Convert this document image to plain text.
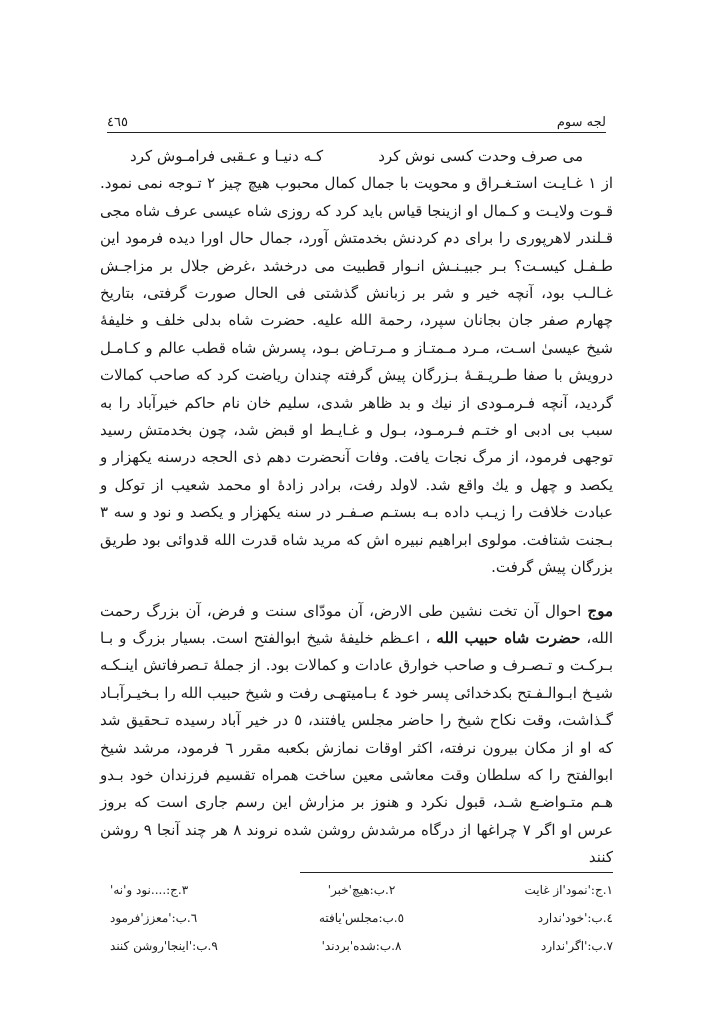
٤٦٥	لجه سوم
می صرف وحدت کسی نوش کرد
کـه دنیـا و عـقبی فرامـوش کرد

از ١ غـایـت استـغـراق و محویت با جمال کمال محبوب هیچ چیز ٢ تـوجه نمی نمود. قـوت ولایـت و کـمال او ازینجا قیاس باید کرد که روزی شاه عیسی عرف شاه مجی قـلندر لاهرپوری را برای دم کردنش بخدمتش آورد، جمال حال اورا دیده فرمود این طـفـل کیسـت؟ بـر جبیـنـش انـوار قطبیت می درخشد ،غرض جلال بر مزاجـش غـالـب بود، آنچه خیر و شر بر زبانش گذشتی فی الحال صورت گرفتی، بتاریخ چهارم صفر جان بجانان سپرد، رحمة الله علیه. حضرت شاه بدلی خلف و خلیفهٔ شیخ عیسیٰ اسـت، مـرد مـمتـاز و مـرتـاض بـود، پسرش شاه قطب عالم و کـامـل درویش با صفا طـریـقـهٔ بـزرگان پیش گرفته چندان ریاضت کرد که صاحب کمالات گردید، آنچه فـرمـودی از نیك و بد ظاهر شدی، سلیم خان نام حاکم خیرآباد را به سبب بی ادبی او ختـم فـرمـود، بـول و غـایـط او قبض شد، چون بخدمتش رسید توجهی فرمود، از مرگ نجات یافت. وفات آنحضرت دهم ذی الحجه درسنه یکهزار و یکصد و چهل و یك واقع شد. لاولد رفت، برادر زادهٔ او محمد شعیب از توکل و عبادت خلافت را زیـب داده بـه بستـم صـفـر در سنه یکهزار و یکصد و نود و سه ٣ بـجنت شتافت. مولوی ابراهیم نبیره اش که مرید شاه قدرت الله قدوائی بود طریق بزرگان پیش گرفت.

موج احوال آن تخت نشین طی الارض، آن مودّای سنت و فرض، آن بزرگ رحمت الله، حضرت شاه حبیب الله ، اعـظم خلیفهٔ شیخ ابوالفتح است. بسیار بزرگ و بـا بـرکـت و تـصـرف و صاحب خوارق عادات و کمالات بود. از جملهٔ تـصرفاتش اینـکـه شیـخ ابـوالـفـتح بکدخدائی پسر خود ٤ بـامیتهـی رفت و شیخ حبیب الله را بـخیـرآبـاد گـذاشت، وقت نکاح شیخ را حاضر مجلس یافتند، ٥ در خیر آباد رسیده تـحقیق شد که او از مکان بیرون نرفته، اکثر اوقات نمازش بکعبه مقرر ٦ فرمود، مرشد شیخ ابوالفتح را که سلطان وقت معاشی معین ساخت همراه تقسیم فرزندان خود بـدو هـم متـواضـع شـد، قبول نکرد و هنوز بر مزارش این رسم جاری است که بروز عرس او اگر ٧ چراغها از درگاه مرشدش روشن شده نروند ٨ هر چند آنجا ٩ روشن کنند

١.ج:'نمود'از غایت
٢.ب:هیچ'خبر'
٣.ج:....نود و'نه'
٤.ب:'خود'ندارد
٥.ب:مجلس'یافته
٦.ب:'معزز'فرمود
٧.ب:'اگر'ندارد
٨.ب:شده'بردند'
٩.ب:'اینجا'روشن کنند
